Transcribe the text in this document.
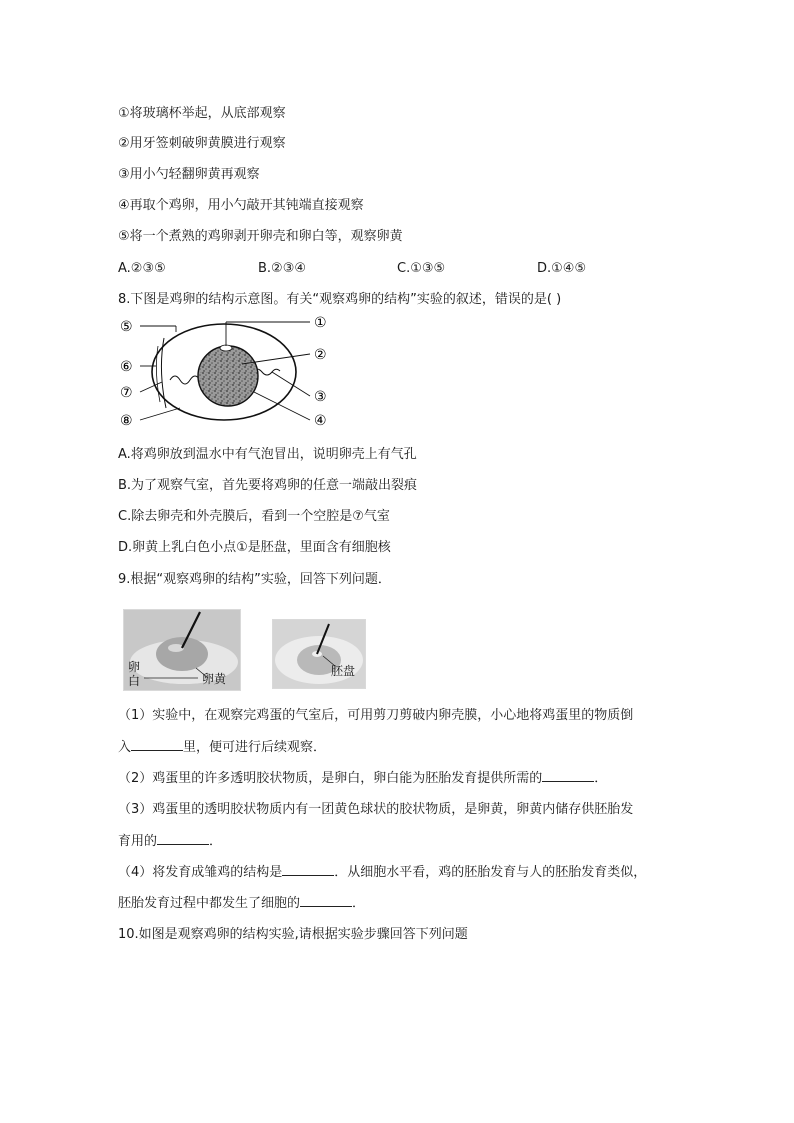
①将玻璃杯举起，从底部观察
②用牙签刺破卵黄膜进行观察
③用小勺轻翻卵黄再观察
④再取个鸡卵，用小勺敲开其钝端直接观察
⑤将一个煮熟的鸡卵剥开卵壳和卵白等，观察卵黄
A.②③⑤	B.②③④	C.①③⑤	D.①④⑤
8.下图是鸡卵的结构示意图。有关“观察鸡卵的结构”实验的叙述，错误的是( )
①
②
③
④
⑤
⑥
⑦
⑧
A.将鸡卵放到温水中有气泡冒出，说明卵壳上有气孔
B.为了观察气室，首先要将鸡卵的任意一端敲出裂痕
C.除去卵壳和外壳膜后，看到一个空腔是⑦气室
D.卵黄上乳白色小点①是胚盘，里面含有细胞核
9.根据“观察鸡卵的结构”实验，回答下列问题．
卵
白	卵黄
胚盘
（1）实验中，在观察完鸡蛋的气室后，可用剪刀剪破内卵壳膜，小心地将鸡蛋里的物质倒
入	里，便可进行后续观察．
（2）鸡蛋里的许多透明胶状物质，是卵白，卵白能为胚胎发育提供所需的	．
（3）鸡蛋里的透明胶状物质内有一团黄色球状的胶状物质，是卵黄，卵黄内储存供胚胎发
育用的	．
（4）将发育成雏鸡的结构是	．从细胞水平看，鸡的胚胎发育与人的胚胎发育类似，
胚胎发育过程中都发生了细胞的	．
10.如图是观察鸡卵的结构实验,请根据实验步骤回答下列问题
